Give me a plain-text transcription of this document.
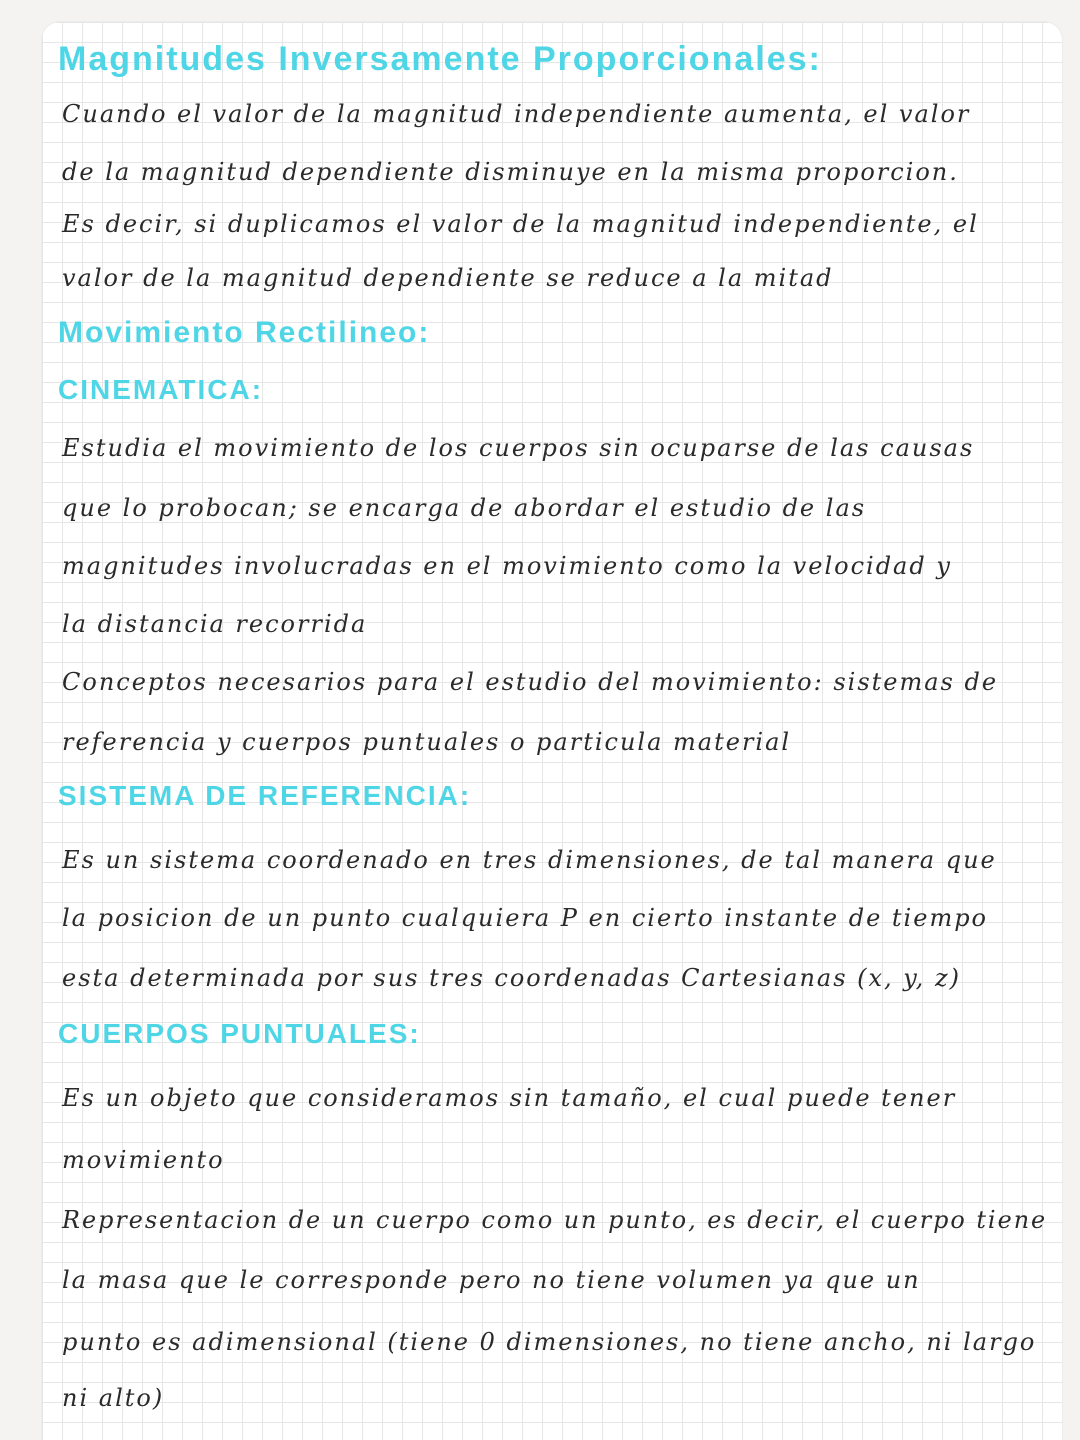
Magnitudes Inversamente Proporcionales:
Cuando el valor de la magnitud independiente aumenta, el valor
de la magnitud dependiente disminuye en la misma proporcion.
Es decir, si duplicamos el valor de la magnitud independiente, el
valor de la magnitud dependiente se reduce a la mitad
Movimiento Rectilineo:
CINEMATICA:
Estudia el movimiento de los cuerpos sin ocuparse de las causas
que lo probocan; se encarga de abordar el estudio de las
magnitudes involucradas en el movimiento como la velocidad y
la distancia recorrida
Conceptos necesarios para el estudio del movimiento: sistemas de
referencia y cuerpos puntuales o particula material
SISTEMA DE REFERENCIA:
Es un sistema coordenado en tres dimensiones, de tal manera que
la posicion de un punto cualquiera P en cierto instante de tiempo
esta determinada por sus tres coordenadas Cartesianas (x, y, z)
CUERPOS PUNTUALES:
Es un objeto que consideramos sin tamaño, el cual puede tener
movimiento
Representacion de un cuerpo como un punto, es decir, el cuerpo tiene
la masa que le corresponde pero no tiene volumen ya que un
punto es adimensional (tiene 0 dimensiones, no tiene ancho, ni largo
ni alto)
